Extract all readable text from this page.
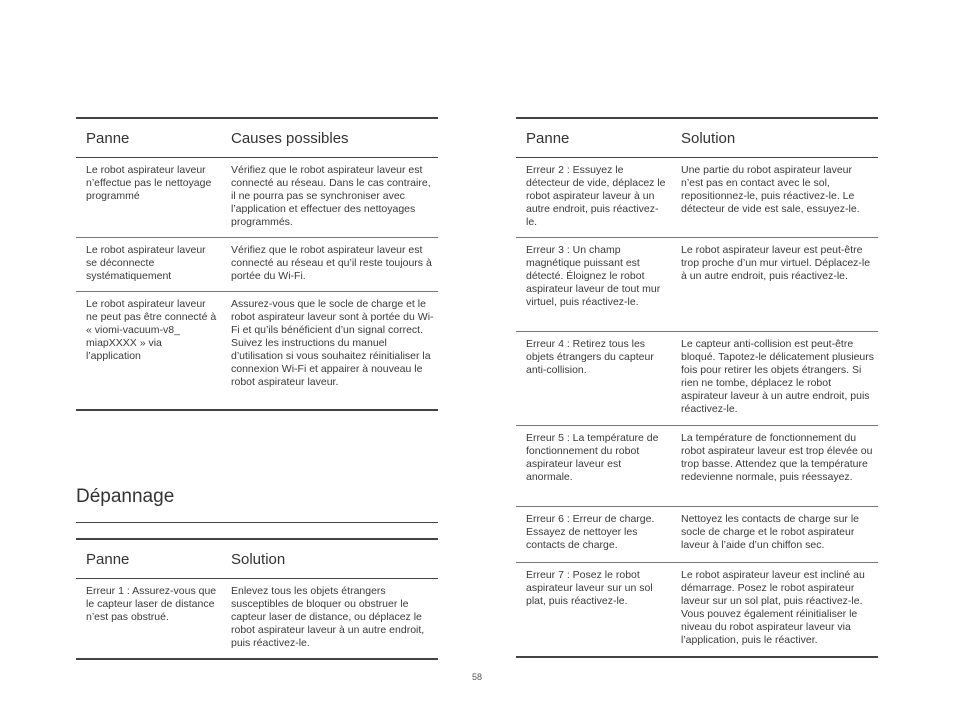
Panne	Causes possibles
Le robot aspirateur laveur n’effectue pas le nettoyage programmé	Vérifiez que le robot aspirateur laveur est connecté au réseau. Dans le cas contraire, il ne pourra pas se synchroniser avec l’application et effectuer des nettoyages programmés.
Le robot aspirateur laveur se déconnecte systématiquement	Vérifiez que le robot aspirateur laveur est connecté au réseau et qu’il reste toujours à portée du Wi-Fi.
Le robot aspirateur laveur ne peut pas être connecté à « viomi-vacuum-v8_ miapXXXX » via l’application	Assurez-vous que le socle de charge et le robot aspirateur laveur sont à portée du Wi-Fi et qu’ils bénéficient d’un signal correct. Suivez les instructions du manuel d’utilisation si vous souhaitez réinitialiser la connexion Wi-Fi et appairer à nouveau le robot aspirateur laveur.
Dépannage
Panne	Solution
Erreur 1 : Assurez-vous que le capteur laser de distance n’est pas obstrué.	Enlevez tous les objets étrangers susceptibles de bloquer ou obstruer le capteur laser de distance, ou déplacez le robot aspirateur laveur à un autre endroit, puis réactivez-le.
Panne	Solution
Erreur 2 : Essuyez le détecteur de vide, déplacez le robot aspirateur laveur à un autre endroit, puis réactivez-le.	Une partie du robot aspirateur laveur n’est pas en contact avec le sol, repositionnez-le, puis réactivez-le. Le détecteur de vide est sale, essuyez-le.
Erreur 3 : Un champ magnétique puissant est détecté. Éloignez le robot aspirateur laveur de tout mur virtuel, puis réactivez-le.	Le robot aspirateur laveur est peut-être trop proche d’un mur virtuel. Déplacez-le à un autre endroit, puis réactivez-le.
Erreur 4 : Retirez tous les objets étrangers du capteur anti-collision.	Le capteur anti-collision est peut-être bloqué. Tapotez-le délicatement plusieurs fois pour retirer les objets étrangers. Si rien ne tombe, déplacez le robot aspirateur laveur à un autre endroit, puis réactivez-le.
Erreur 5 : La température de fonctionnement du robot aspirateur laveur est anormale.	La température de fonctionnement du robot aspirateur laveur est trop élevée ou trop basse. Attendez que la température redevienne normale, puis réessayez.
Erreur 6 : Erreur de charge. Essayez de nettoyer les contacts de charge.	Nettoyez les contacts de charge sur le socle de charge et le robot aspirateur laveur à l’aide d’un chiffon sec.
Erreur 7 : Posez le robot aspirateur laveur sur un sol plat, puis réactivez-le.	Le robot aspirateur laveur est incliné au démarrage. Posez le robot aspirateur laveur sur un sol plat, puis réactivez-le. Vous pouvez également réinitialiser le niveau du robot aspirateur laveur via l’application, puis le réactiver.
58
